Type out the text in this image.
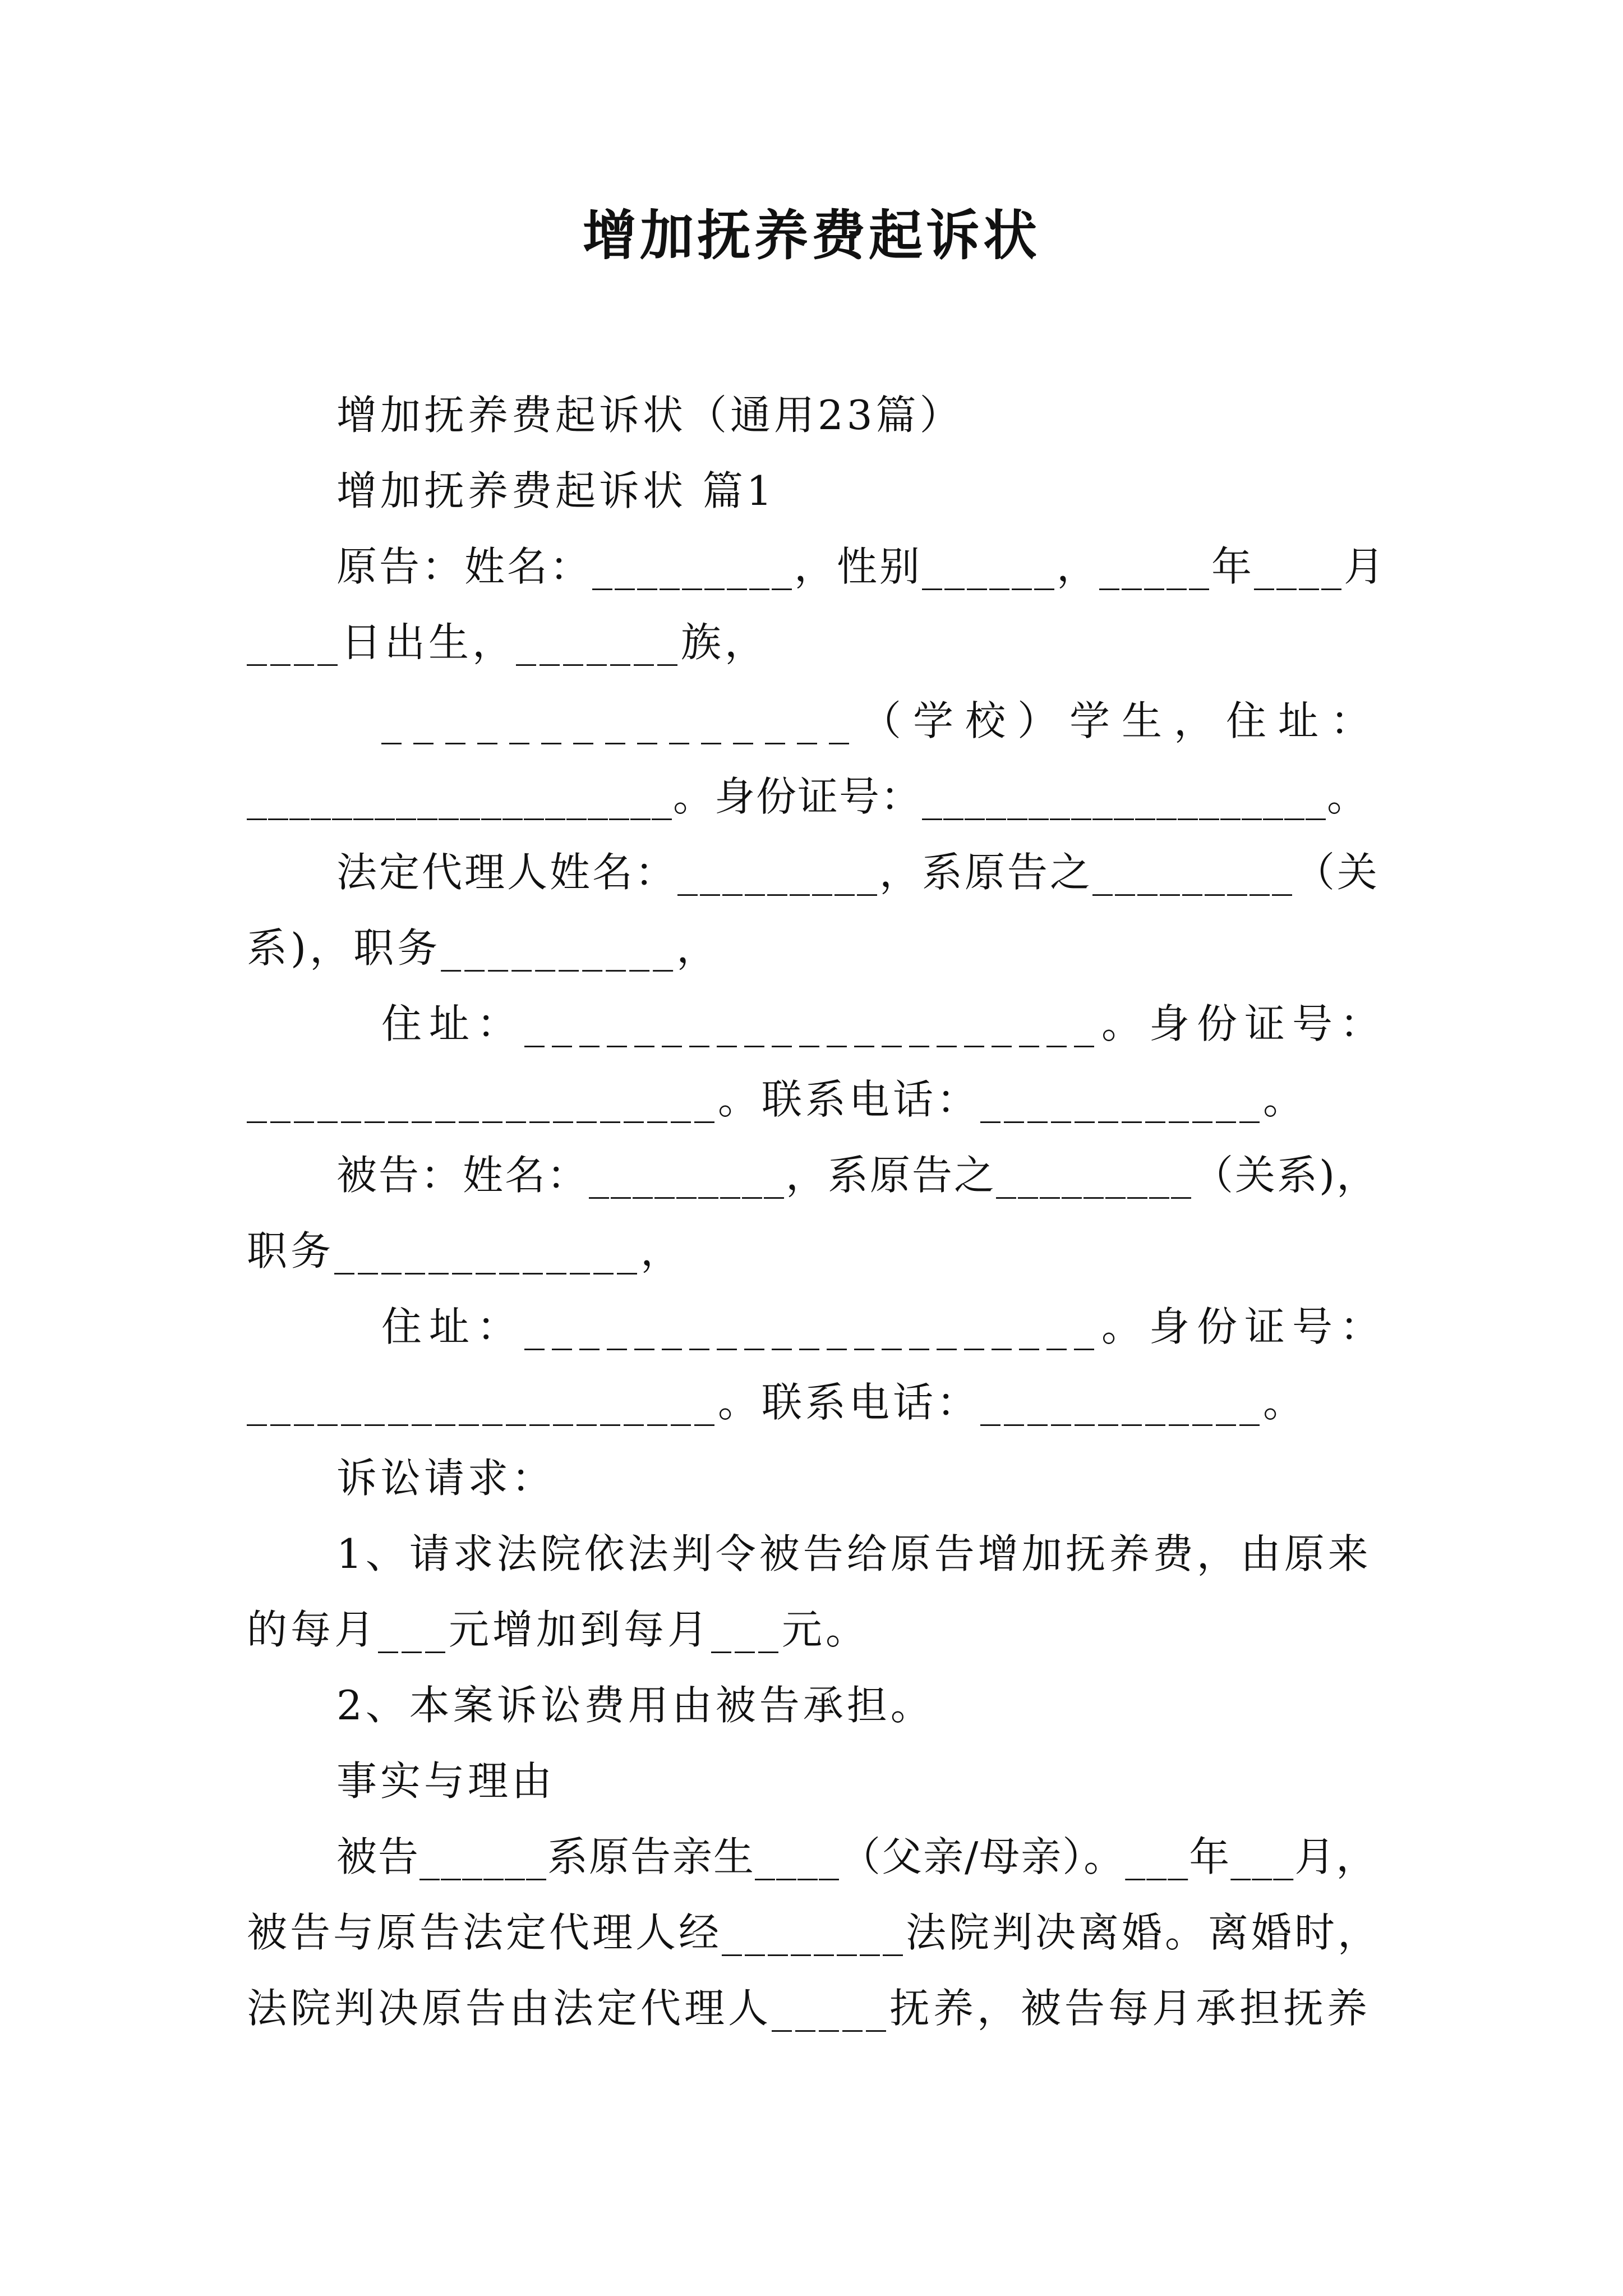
增加抚养费起诉状
增加抚养费起诉状（通用23篇）
增加抚养费起诉状 篇1
原告：姓名：_________，性别______，_____年____月
____日出生，_______族，
_______________（学校）学生，住址：
____________________。身份证号：___________________。
法定代理人姓名：_________，系原告之_________（关
系)，职务__________，
住址：_____________________。身份证号：
____________________。联系电话：____________。
被告：姓名：_________，系原告之_________（关系)，
职务_____________，
住址：_____________________。身份证号：
____________________。联系电话：____________。
诉讼请求：
1、请求法院依法判令被告给原告增加抚养费，由原来
的每月___元增加到每月___元。
2、本案诉讼费用由被告承担。
事实与理由
被告______系原告亲生____（父亲/母亲）。___年___月，
被告与原告法定代理人经________法院判决离婚。离婚时，
法院判决原告由法定代理人_____抚养，被告每月承担抚养
